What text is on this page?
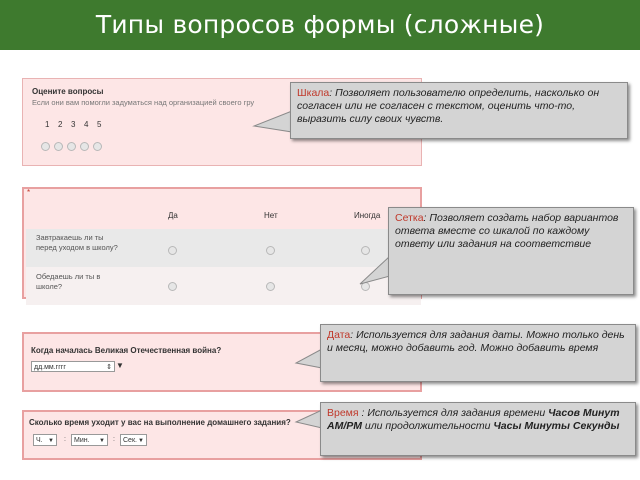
Типы вопросов формы (сложные)
Оцените вопросы
Если они вам помогли задуматься над организацией своего гру
1 2 3 4 5
Шкала: Позволяет пользователю определить, насколько он согласен или не согласен с текстом, оценить что-то, выразить силу своих чувств.
*
Да	Нет	Иногда
Завтракаешь ли ты перед уходом в школу?
Обедаешь ли ты в школе?
Сетка: Позволяет создать набор вариантов ответа вместе со шкалой по каждому ответу или задания на соответствие
Когда началась Великая Отечественная война?
дд.мм.гггг	⇕ ▼
Дата: Используется для задания даты. Можно только день и месяц, можно добавить год. Можно добавить время
Сколько время уходит у вас на выполнение домашнего задания?
Ч. ▼ :	Мин. ▼ :	Сек. ▼
Время : Используется для задания времени Часов Минут AM/PM или продолжительности Часы Минуты Секунды
